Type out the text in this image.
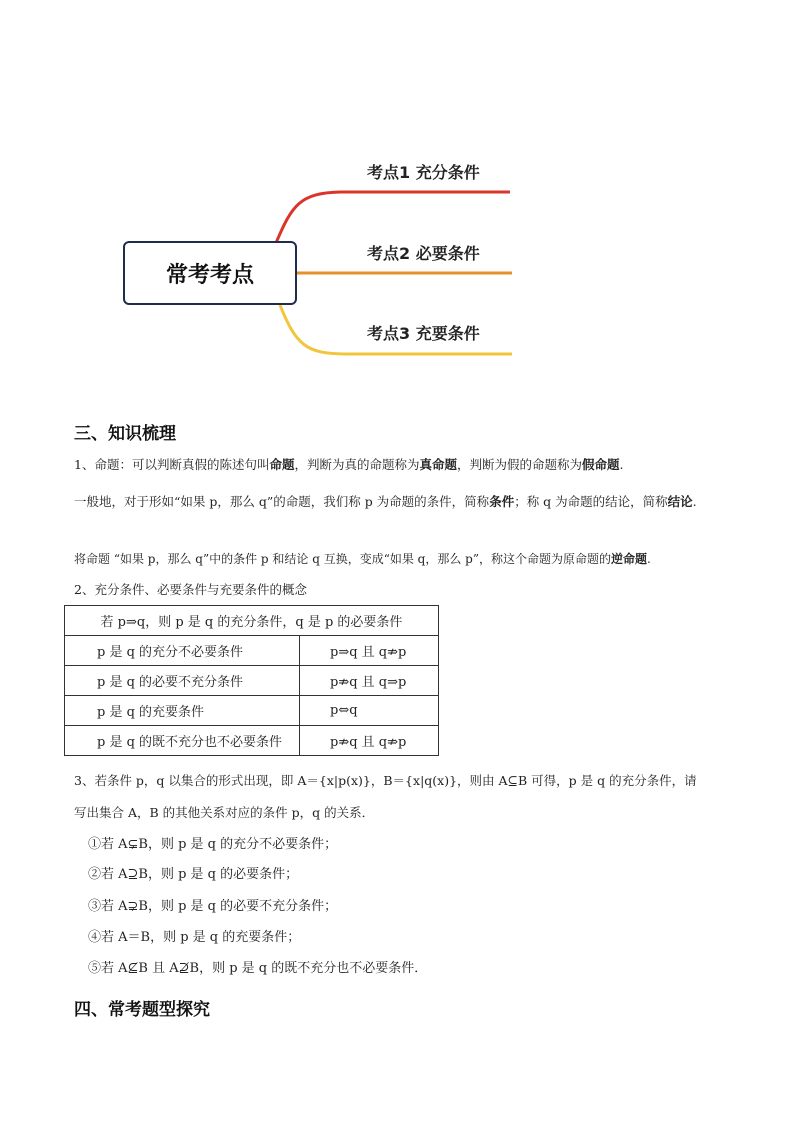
常考考点
考点1 充分条件
考点2 必要条件
考点3 充要条件
三、知识梳理
1、命题：可以判断真假的陈述句叫命题，判断为真的命题称为真命题，判断为假的命题称为假命题.
一般地，对于形如“如果 p，那么 q”的命题，我们称 p 为命题的条件，简称条件；称 q 为命题的结论，简称结论.
将命题 “如果 p，那么 q”中的条件 p 和结论 q 互换，变成“如果 q，那么 p”，称这个命题为原命题的逆命题.
2、充分条件、必要条件与充要条件的概念
若 p⇒q，则 p 是 q 的充分条件，q 是 p 的必要条件	
p 是 q 的充分不必要条件	p⇒q 且 q⇏p
p 是 q 的必要不充分条件	p⇏q 且 q⇒p
p 是 q 的充要条件	p⇔q
p 是 q 的既不充分也不必要条件	p⇏q 且 q⇏p
3、若条件 p，q 以集合的形式出现，即 A＝{x|p(x)}，B＝{x|q(x)}，则由 A⊆B 可得，p 是 q 的充分条件，请
写出集合 A，B 的其他关系对应的条件 p，q 的关系．
①若 A⊊B，则 p 是 q 的充分不必要条件；
②若 A⊇B，则 p 是 q 的必要条件；
③若 A⊋B，则 p 是 q 的必要不充分条件；
④若 A＝B，则 p 是 q 的充要条件；
⑤若 A⊈B 且 A⊉B，则 p 是 q 的既不充分也不必要条件．
四、常考题型探究
